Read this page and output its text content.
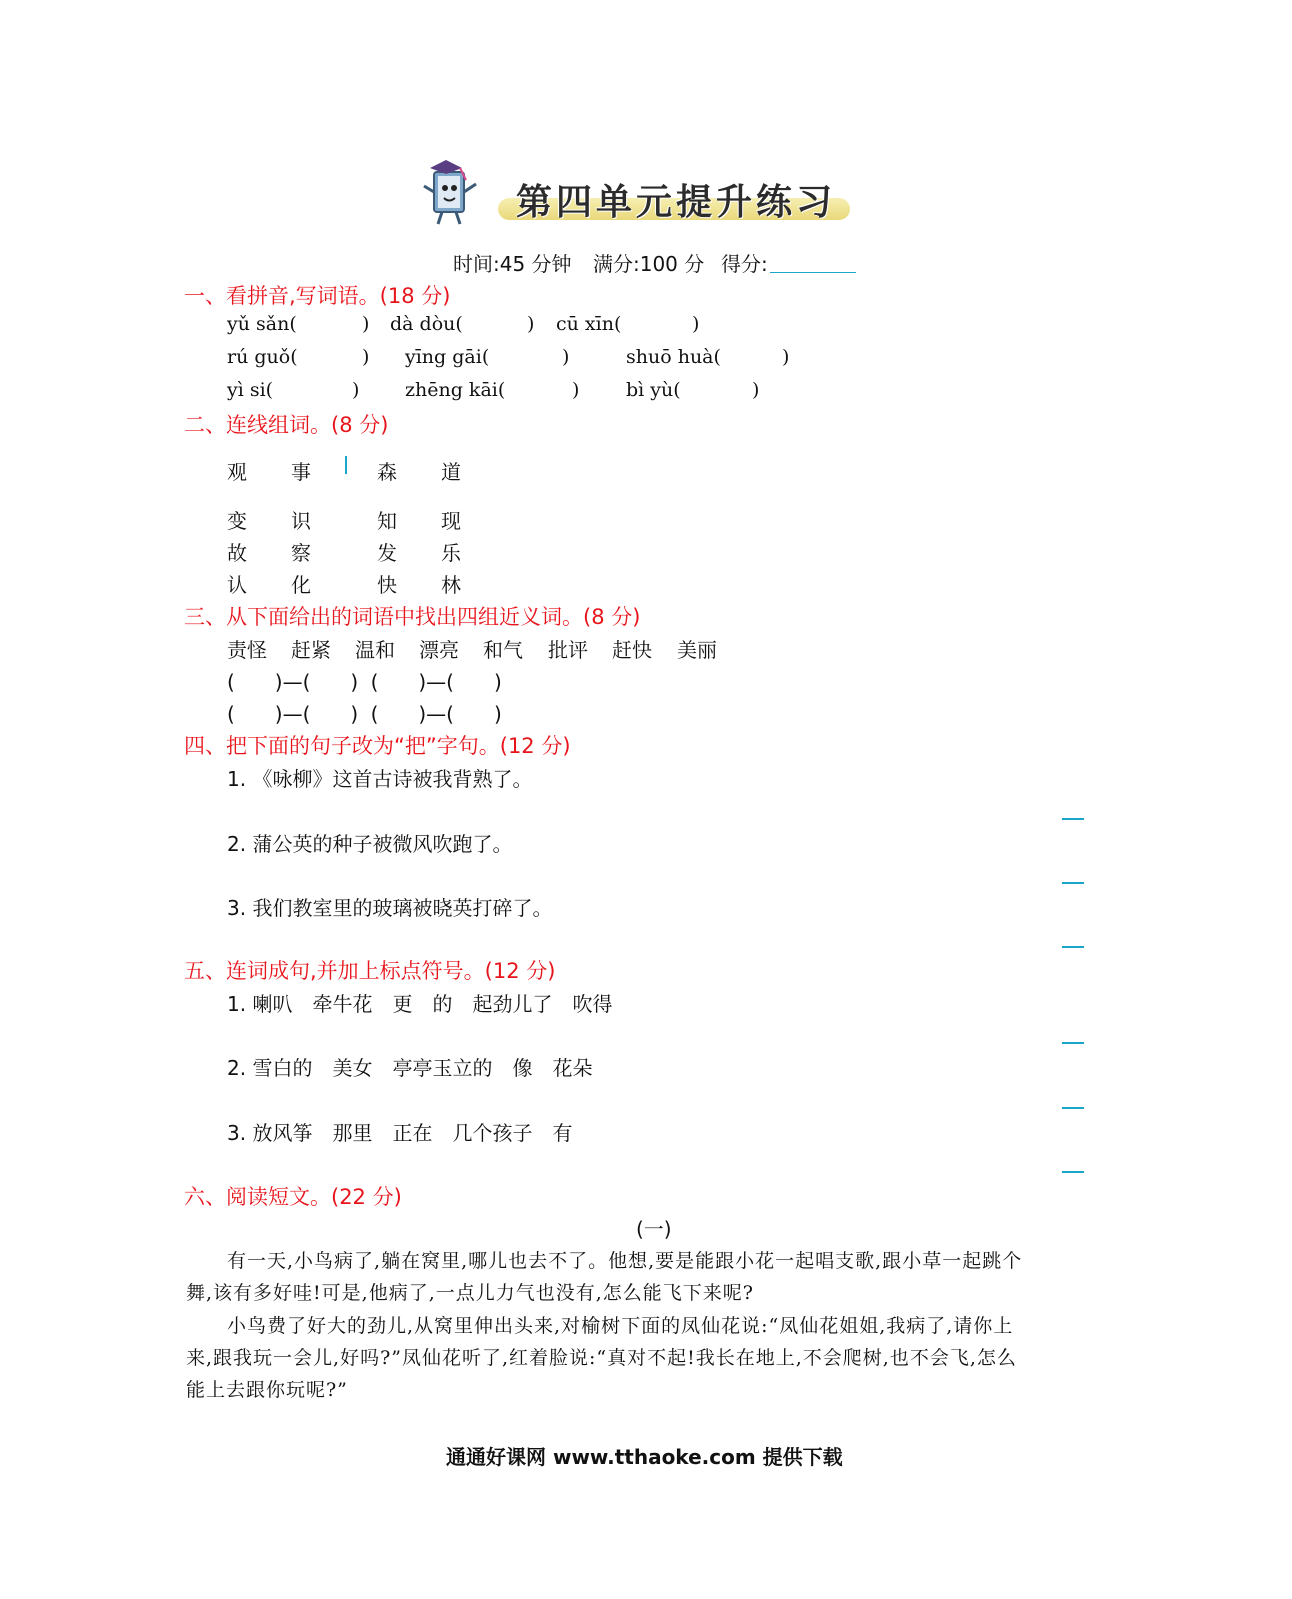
第四单元提升练习
时间:45 分钟 满分:100 分 得分:
一、看拼音,写词语。(18 分)
yǔ sǎn(	) dà dòu(	) cū xīn(	)
rú guǒ(	) yīng gāi(	)	shuō huà(	)
yì si(	) zhēng kāi(	) bì yù(	)
二、连线组词。(8 分)
观 事	森 道
变 识	知 现
故 察	发 乐
认 化	快 林
三、从下面给出的词语中找出四组近义词。(8 分)
责怪 赶紧 温和 漂亮 和气 批评 赶快 美丽
(　　)—(　　) (　　)—(　　)
(　　)—(　　) (　　)—(　　)
四、把下面的句子改为“把”字句。(12 分)
1. 《咏柳》这首古诗被我背熟了。
2. 蒲公英的种子被微风吹跑了。
3. 我们教室里的玻璃被晓英打碎了。
五、连词成句,并加上标点符号。(12 分)
1. 喇叭　牵牛花　更　的　起劲儿了　吹得
2. 雪白的　美女　亭亭玉立的　像　花朵
3. 放风筝　那里　正在　几个孩子　有
六、阅读短文。(22 分)
(一)
有一天,小鸟病了,躺在窝里,哪儿也去不了。他想,要是能跟小花一起唱支歌,跟小草一起跳个
舞,该有多好哇!可是,他病了,一点儿力气也没有,怎么能飞下来呢?
小鸟费了好大的劲儿,从窝里伸出头来,对榆树下面的凤仙花说:“凤仙花姐姐,我病了,请你上
来,跟我玩一会儿,好吗?”凤仙花听了,红着脸说:“真对不起!我长在地上,不会爬树,也不会飞,怎么
能上去跟你玩呢?”
通通好课网 www.tthaoke.com 提供下载
